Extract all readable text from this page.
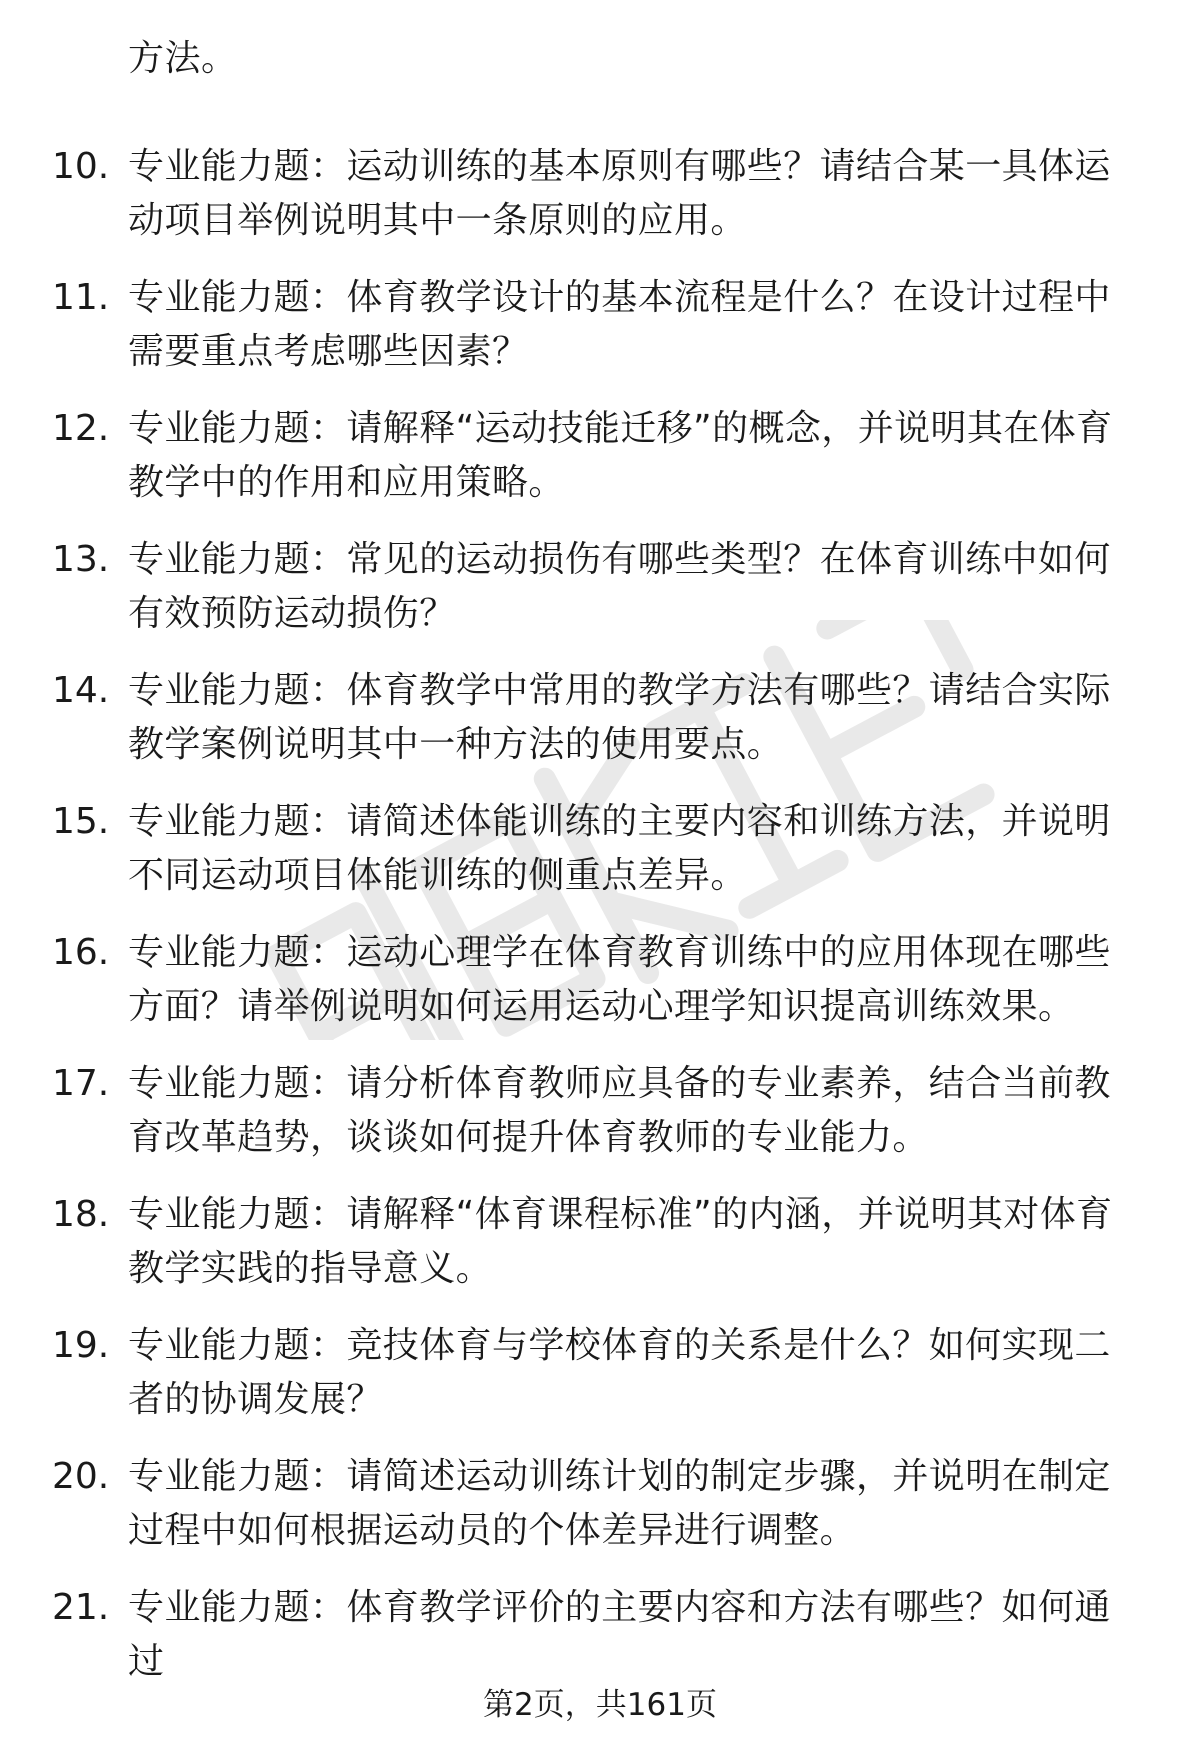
方法。
10. 专业能力题：运动训练的基本原则有哪些？请结合某一具体运动项目举例说明其中一条原则的应用。
11. 专业能力题：体育教学设计的基本流程是什么？在设计过程中需要重点考虑哪些因素？
12. 专业能力题：请解释“运动技能迁移”的概念，并说明其在体育教学中的作用和应用策略。
13. 专业能力题：常见的运动损伤有哪些类型？在体育训练中如何有效预防运动损伤？
14. 专业能力题：体育教学中常用的教学方法有哪些？请结合实际教学案例说明其中一种方法的使用要点。
15. 专业能力题：请简述体能训练的主要内容和训练方法，并说明不同运动项目体能训练的侧重点差异。
16. 专业能力题：运动心理学在体育教育训练中的应用体现在哪些方面？请举例说明如何运用运动心理学知识提高训练效果。
17. 专业能力题：请分析体育教师应具备的专业素养，结合当前教育改革趋势，谈谈如何提升体育教师的专业能力。
18. 专业能力题：请解释“体育课程标准”的内涵，并说明其对体育教学实践的指导意义。
19. 专业能力题：竞技体育与学校体育的关系是什么？如何实现二者的协调发展？
20. 专业能力题：请简述运动训练计划的制定步骤，并说明在制定过程中如何根据运动员的个体差异进行调整。
21. 专业能力题：体育教学评价的主要内容和方法有哪些？如何通过
第2页，共161页
